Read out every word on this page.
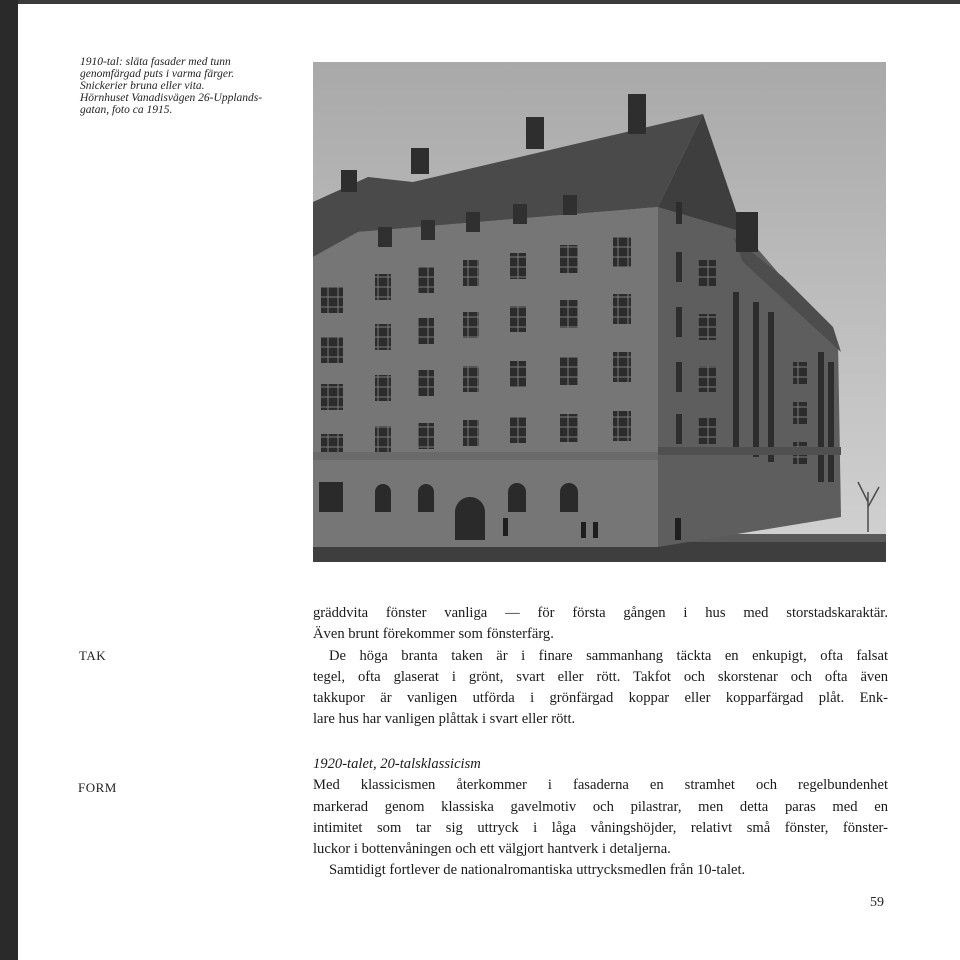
1910-tal: släta fasader med tunn
genomfärgad puts i varma färger.
Snickerier bruna eller vita.
Hörnhuset Vanadisvägen 26-Upplands-
gatan, foto ca 1915.
TAK
FORM
gräddvita fönster vanliga — för första gången i hus med storstadskaraktär.
Även brunt förekommer som fönsterfärg.
De höga branta taken är i finare sammanhang täckta en enkupigt, ofta falsat
tegel, ofta glaserat i grönt, svart eller rött. Takfot och skorstenar och ofta även
takkupor är vanligen utförda i grönfärgad koppar eller kopparfärgad plåt. Enk-
lare hus har vanligen plåttak i svart eller rött.
1920-talet, 20-talsklassicism
Med klassicismen återkommer i fasaderna en stramhet och regelbundenhet
markerad genom klassiska gavelmotiv och pilastrar, men detta paras med en
intimitet som tar sig uttryck i låga våningshöjder, relativt små fönster, fönster-
luckor i bottenvåningen och ett välgjort hantverk i detaljerna.
Samtidigt fortlever de nationalromantiska uttrycksmedlen från 10-talet.
59
